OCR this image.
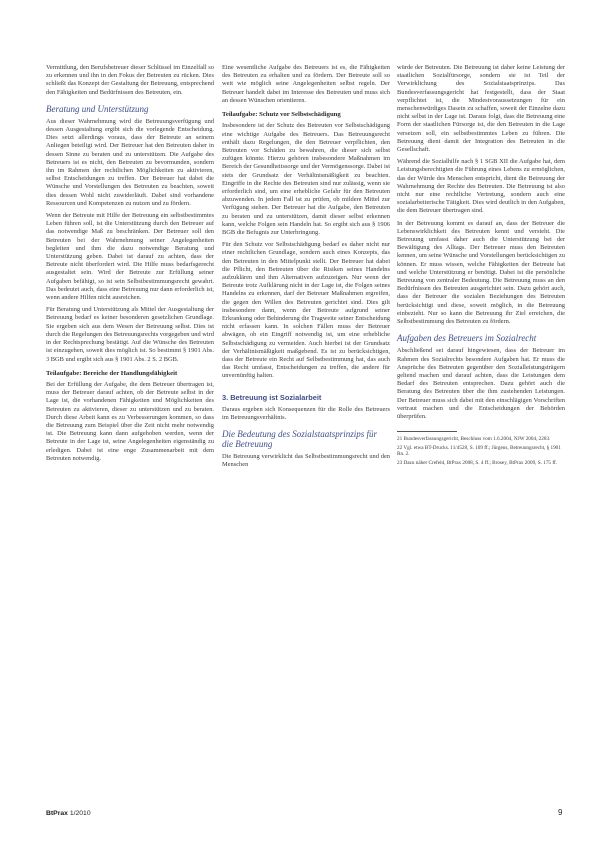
Vermittlung, den Berufsbetreuer dieser Schlüssel im Einzelfall so zu erkennen und ihn in den Fokus der Betreuten zu rücken. Dies schließt das Konzept der Gestaltung der Betreuung, entsprechend den Fähigkeiten und Bedürfnissen des Betreuten, ein.

Beratung und Unterstützung

Aus dieser Wahrnehmung wird die Betreuungsverfügung und dessen Ausgestaltung ergibt sich die vorlegende Entscheidung. Dies setzt allerdings voraus, dass der Betreute an seinem Anliegen beteiligt wird. Der Betreuer hat den Betreuten daher in dessen Sinne zu beraten und zu unterstützen. Die Aufgabe des Betreuers ist es nicht, den Betreuten zu bevormunden, sondern ihn im Rahmen der rechtlichen Möglichkeiten zu aktivieren, selbst Entscheidungen zu treffen. Der Betreuer hat dabei die Wünsche und Vorstellungen des Betreuten zu beachten, soweit dies dessen Wohl nicht zuwiderläuft. Dabei sind vorhandene Ressourcen und Kompetenzen zu nutzen und zu fördern.

Wenn der Betreute mit Hilfe der Betreuung ein selbstbestimmtes Leben führen soll, ist die Unterstützung durch den Betreuer auf das notwendige Maß zu beschränken. Der Betreuer soll den Betreuten bei der Wahrnehmung seiner Angelegenheiten begleiten und ihm die dazu notwendige Beratung und Unterstützung geben. Dabei ist darauf zu achten, dass der Betreute nicht überfordert wird. Die Hilfe muss bedarfsgerecht ausgestaltet sein. Wird der Betreute zur Erfüllung seiner Aufgaben befähigt, so ist sein Selbstbestimmungsrecht gewahrt. Das bedeutet auch, dass eine Betreuung nur dann erforderlich ist, wenn andere Hilfen nicht ausreichen.

Für Beratung und Unterstützung als Mittel der Ausgestaltung der Betreuung bedarf es keiner besonderen gesetzlichen Grundlage. Sie ergeben sich aus dem Wesen der Betreuung selbst. Dies ist durch die Regelungen des Betreuungsrechts vorgegeben und wird in der Rechtsprechung bestätigt. Auf die Wünsche des Betreuten ist einzugehen, soweit dies möglich ist. So bestimmt § 1901 Abs. 3 BGB und ergibt sich aus § 1901 Abs. 2 S. 2 BGB.

Teilaufgabe: Bereiche der Handlungsfähigkeit

Bei der Erfüllung der Aufgabe, die dem Betreuer übertragen ist, muss der Betreuer darauf achten, ob der Betreute selbst in der Lage ist, die vorhandenen Fähigkeiten und Möglichkeiten des Betreuten zu aktivieren, dieser zu unterstützen und zu beraten. Durch diese Arbeit kann es zu Verbesserungen kommen, so dass die Betreuung zum Beispiel über die Zeit nicht mehr notwendig ist. Die Betreuung kann dann aufgehoben werden, wenn der Betreute in der Lage ist, seine Angelegenheiten eigenständig zu erledigen. Dabei ist eine enge Zusammenarbeit mit dem Betreuten notwendig.

Eine wesentliche Aufgabe des Betreuers ist es, die Fähigkeiten des Betreuten zu erhalten und zu fördern. Der Betreute soll so weit wie möglich seine Angelegenheiten selbst regeln. Der Betreuer handelt dabei im Interesse des Betreuten und muss sich an dessen Wünschen orientieren.

Teilaufgabe: Schutz vor Selbstschädigung

Insbesondere ist der Schutz des Betreuten vor Selbstschädigung eine wichtige Aufgabe des Betreuers. Das Betreuungsrecht enthält dazu Regelungen, die den Betreuer verpflichten, den Betreuten vor Schäden zu bewahren, die dieser sich selbst zufügen könnte. Hierzu gehören insbesondere Maßnahmen im Bereich der Gesundheitssorge und der Vermögenssorge. Dabei ist stets der Grundsatz der Verhältnismäßigkeit zu beachten. Eingriffe in die Rechte des Betreuten sind nur zulässig, wenn sie erforderlich sind, um eine erhebliche Gefahr für den Betreuten abzuwenden. In jedem Fall ist zu prüfen, ob mildere Mittel zur Verfügung stehen. Der Betreuer hat die Aufgabe, den Betreuten zu beraten und zu unterstützen, damit dieser selbst erkennen kann, welche Folgen sein Handeln hat. So ergibt sich aus § 1906 BGB die Befugnis zur Unterbringung.

Für den Schutz vor Selbstschädigung bedarf es daher nicht nur einer rechtlichen Grundlage, sondern auch eines Konzepts, das den Betreuten in den Mittelpunkt stellt. Der Betreuer hat dabei die Pflicht, den Betreuten über die Risiken seines Handelns aufzuklären und ihm Alternativen aufzuzeigen. Nur wenn der Betreute trotz Aufklärung nicht in der Lage ist, die Folgen seines Handelns zu erkennen, darf der Betreuer Maßnahmen ergreifen, die gegen den Willen des Betreuten gerichtet sind. Dies gilt insbesondere dann, wenn der Betreute aufgrund seiner Erkrankung oder Behinderung die Tragweite seiner Entscheidung nicht erfassen kann. In solchen Fällen muss der Betreuer abwägen, ob ein Eingriff notwendig ist, um eine erhebliche Selbstschädigung zu vermeiden. Auch hierbei ist der Grundsatz der Verhältnismäßigkeit maßgebend. Es ist zu berücksichtigen, dass der Betreute ein Recht auf Selbstbestimmung hat, das auch das Recht umfasst, Entscheidungen zu treffen, die andere für unvernünftig halten.

3. Betreuung ist Sozialarbeit

Daraus ergeben sich Konsequenzen für die Rolle des Betreuers im Betreuungsverhältnis.

Die Bedeutung des Sozialstaatsprinzips für die Betreuung

Die Betreuung verwirklicht das Selbstbestimmungsrecht und den Menschen

würde der Betreuten. Die Betreuung ist daher keine Leistung der staatlichen Sozialfürsorge, sondern sie ist Teil der Verwirklichung des Sozialstaatsprinzips. Das Bundesverfassungsgericht hat festgestellt, dass der Staat verpflichtet ist, die Mindestvoraussetzungen für ein menschenwürdiges Dasein zu schaffen, soweit der Einzelne dazu nicht selbst in der Lage ist. Daraus folgt, dass die Betreuung eine Form der staatlichen Fürsorge ist, die den Betreuten in die Lage versetzen soll, ein selbstbestimmtes Leben zu führen. Die Betreuung dient damit der Integration des Betreuten in die Gesellschaft.

Während die Sozialhilfe nach § 1 SGB XII die Aufgabe hat, dem Leistungsberechtigten die Führung eines Lebens zu ermöglichen, das der Würde des Menschen entspricht, dient die Betreuung der Wahrnehmung der Rechte des Betreuten. Die Betreuung ist also nicht nur eine rechtliche Vertretung, sondern auch eine sozialarbeiterische Tätigkeit. Dies wird deutlich in den Aufgaben, die dem Betreuer übertragen sind.

In der Betreuung kommt es darauf an, dass der Betreuer die Lebenswirklichkeit des Betreuten kennt und versteht. Die Betreuung umfasst daher auch die Unterstützung bei der Bewältigung des Alltags. Der Betreuer muss den Betreuten kennen, um seine Wünsche und Vorstellungen berücksichtigen zu können. Er muss wissen, welche Fähigkeiten der Betreute hat und welche Unterstützung er benötigt. Dabei ist die persönliche Betreuung von zentraler Bedeutung. Die Betreuung muss an den Bedürfnissen des Betreuten ausgerichtet sein. Dazu gehört auch, dass der Betreuer die sozialen Beziehungen des Betreuten berücksichtigt und diese, soweit möglich, in die Betreuung einbezieht. Nur so kann die Betreuung ihr Ziel erreichen, die Selbstbestimmung des Betreuten zu fördern.

Aufgaben des Betreuers im Sozialrecht

Abschließend sei darauf hingewiesen, dass der Betreuer im Rahmen des Sozialrechts besondere Aufgaben hat. Er muss die Ansprüche des Betreuten gegenüber den Sozialleistungsträgern geltend machen und darauf achten, dass die Leistungen dem Bedarf des Betreuten entsprechen. Dazu gehört auch die Beratung des Betreuten über die ihm zustehenden Leistungen. Der Betreuer muss sich dabei mit den einschlägigen Vorschriften vertraut machen und die Entscheidungen der Behörden überprüfen.

21 Bundesverfassungsgericht, Beschluss vom 1.6.2004, NJW 2004, 2283.

22 Vgl. etwa BT-Drucks. 11/4528, S. 109 ff.; Jürgens, Betreuungsrecht, § 1901 Rn. 2.

23 Dazu näher Crefeld, BtPrax 2008, S. 4 ff.; Brosey, BtPrax 2009, S. 175 ff.

BtPrax 1/2010	9
